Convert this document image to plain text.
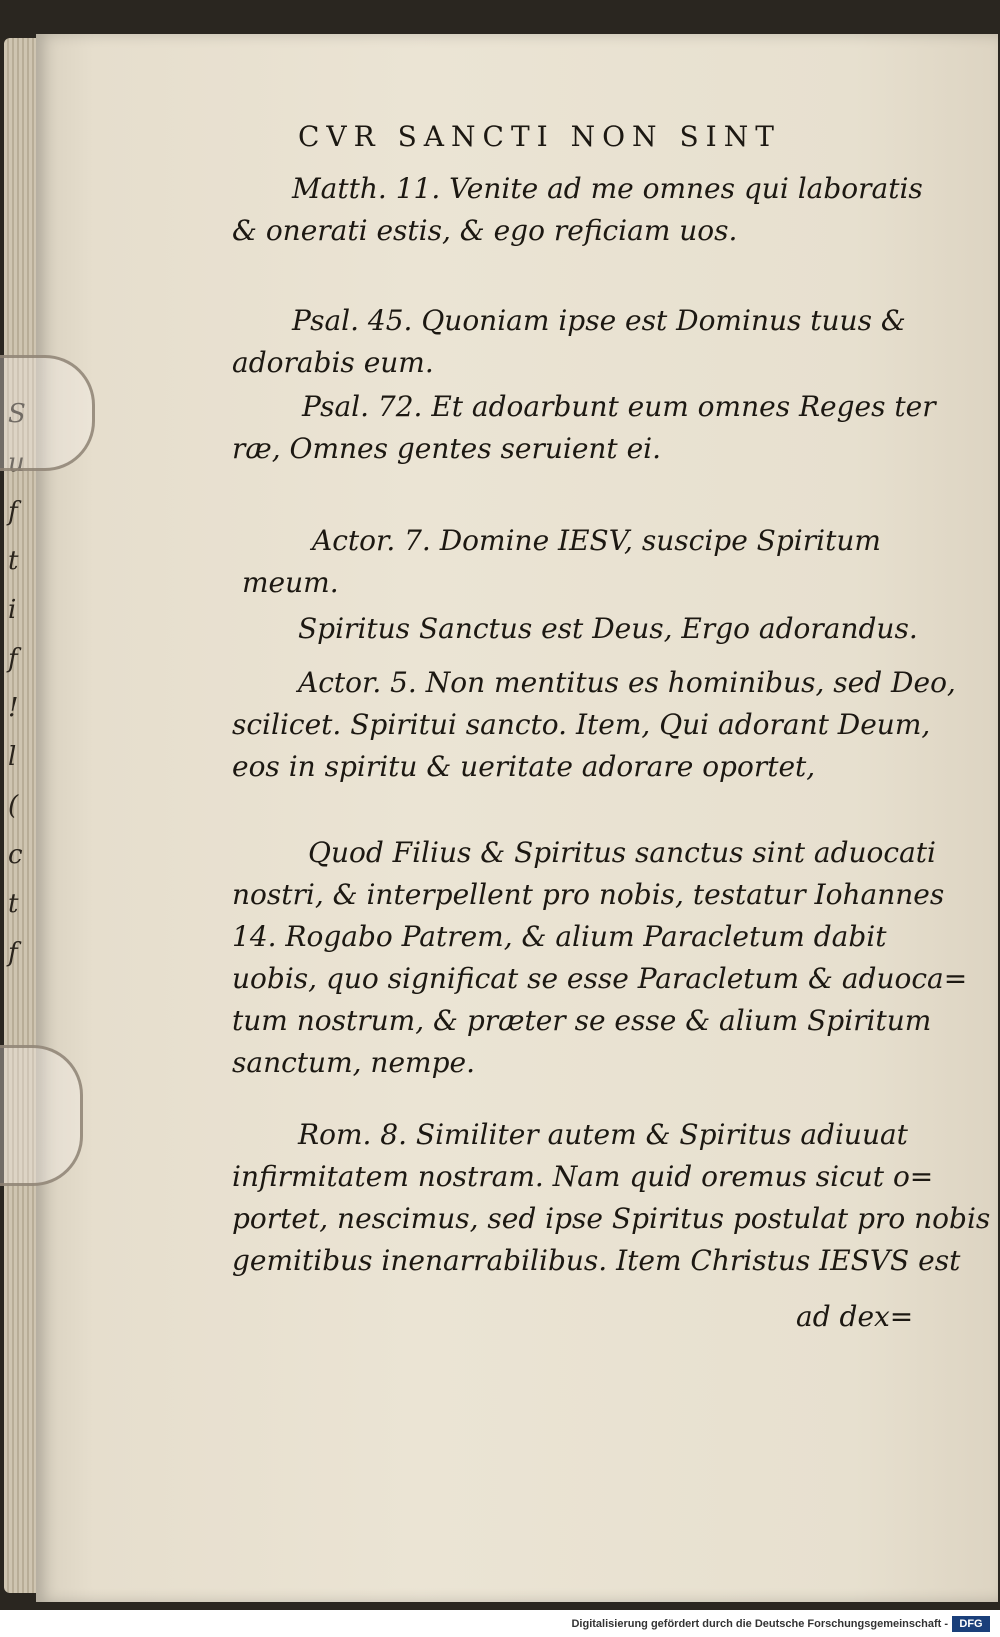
S
u
f
t
i
f
!
l
(
c
t
f
CVR SANCTI NON SINT
Matth. 11. Venite ad me omnes qui laboratis
& onerati estis, & ego reficiam uos.
Psal. 45. Quoniam ipse est Dominus tuus &
adorabis eum.
Psal. 72. Et adoarbunt eum omnes Reges ter
ræ, Omnes gentes seruient ei.
Actor. 7. Domine IESV, suscipe Spiritum
meum.
Spiritus Sanctus est Deus, Ergo adorandus.
Actor. 5. Non mentitus es hominibus, sed Deo,
scilicet. Spiritui sancto. Item, Qui adorant Deum,
eos in spiritu & ueritate adorare oportet,
Quod Filius & Spiritus sanctus sint aduocati
nostri, & interpellent pro nobis, testatur Iohannes
14. Rogabo Patrem, & alium Paracletum dabit
uobis, quo significat se esse Paracletum & aduoca=
tum nostrum, & præter se esse & alium Spiritum
sanctum, nempe.
Rom. 8. Similiter autem & Spiritus adiuuat
infirmitatem nostram. Nam quid oremus sicut o=
portet, nescimus, sed ipse Spiritus postulat pro nobis
gemitibus inenarrabilibus. Item Christus IESVS est
ad dex=
Digitalisierung gefördert durch die Deutsche Forschungsgemeinschaft -	DFG
